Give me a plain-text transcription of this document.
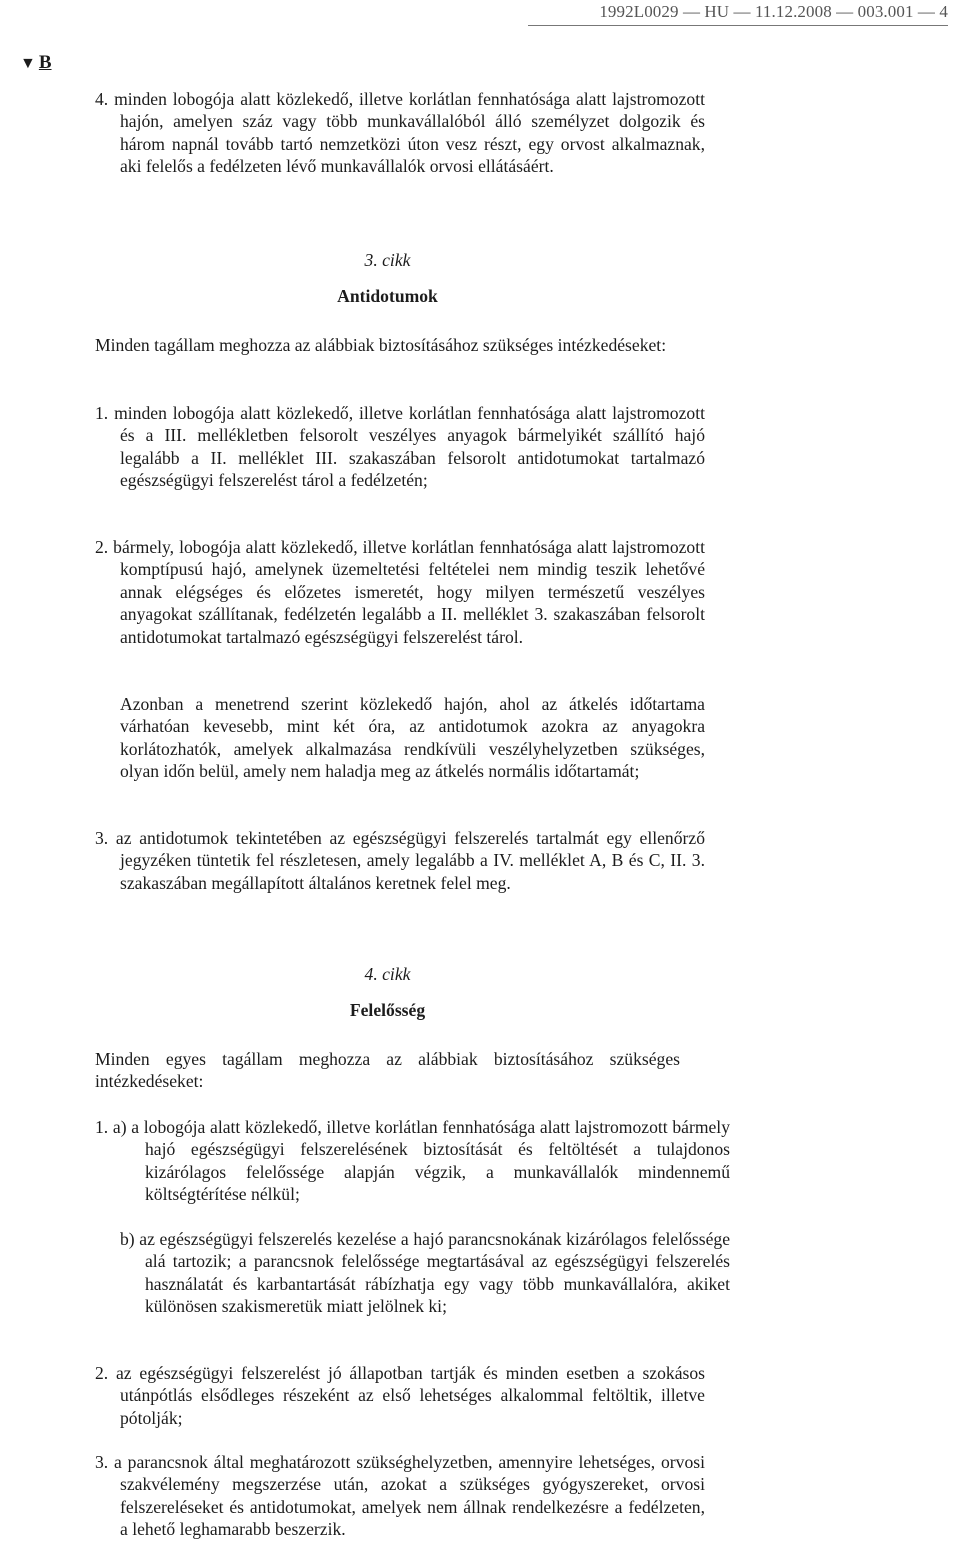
1992L0029 — HU — 11.12.2008 — 003.001 — 4
▼ B
4. minden lobogója alatt közlekedő, illetve korlátlan fennhatósága alatt lajstromozott hajón, amelyen száz vagy több munkavállalóból álló személyzet dolgozik és három napnál tovább tartó nemzetközi úton vesz részt, egy orvost alkalmaznak, aki felelős a fedélzeten lévő munkavállalók orvosi ellátásáért.
3. cikk
Antidotumok
Minden tagállam meghozza az alábbiak biztosításához szükséges intézkedéseket:
1. minden lobogója alatt közlekedő, illetve korlátlan fennhatósága alatt lajstromozott és a III. mellékletben felsorolt veszélyes anyagok bármelyikét szállító hajó legalább a II. melléklet III. szakaszában felsorolt antidotumokat tartalmazó egészségügyi felszerelést tárol a fedélzetén;
2. bármely, lobogója alatt közlekedő, illetve korlátlan fennhatósága alatt lajstromozott komptípusú hajó, amelynek üzemeltetési feltételei nem mindig teszik lehetővé annak elégséges és előzetes ismeretét, hogy milyen természetű veszélyes anyagokat szállítanak, fedélzetén legalább a II. melléklet 3. szakaszában felsorolt antidotumokat tartalmazó egészségügyi felszerelést tárol.
Azonban a menetrend szerint közlekedő hajón, ahol az átkelés időtartama várhatóan kevesebb, mint két óra, az antidotumok azokra az anyagokra korlátozhatók, amelyek alkalmazása rendkívüli veszélyhelyzetben szükséges, olyan időn belül, amely nem haladja meg az átkelés normális időtartamát;
3. az antidotumok tekintetében az egészségügyi felszerelés tartalmát egy ellenőrző jegyzéken tüntetik fel részletesen, amely legalább a IV. melléklet A, B és C, II. 3. szakaszában megállapított általános keretnek felel meg.
4. cikk
Felelősség
Minden egyes tagállam meghozza az alábbiak biztosításához szükséges intézkedéseket:
1. a) a lobogója alatt közlekedő, illetve korlátlan fennhatósága alatt lajstromozott bármely hajó egészségügyi felszerelésének biztosítását és feltöltését a tulajdonos kizárólagos felelőssége alapján végzik, a munkavállalók mindennemű költségtérítése nélkül;
b) az egészségügyi felszerelés kezelése a hajó parancsnokának kizárólagos felelőssége alá tartozik; a parancsnok felelőssége megtartásával az egészségügyi felszerelés használatát és karbantartását rábízhatja egy vagy több munkavállalóra, akiket különösen szakismeretük miatt jelölnek ki;
2. az egészségügyi felszerelést jó állapotban tartják és minden esetben a szokásos utánpótlás elsődleges részeként az első lehetséges alkalommal feltöltik, illetve pótolják;
3. a parancsnok által meghatározott szükséghelyzetben, amennyire lehetséges, orvosi szakvélemény megszerzése után, azokat a szükséges gyógyszereket, orvosi felszereléseket és antidotumokat, amelyek nem állnak rendelkezésre a fedélzeten, a lehető leghamarabb beszerzik.
